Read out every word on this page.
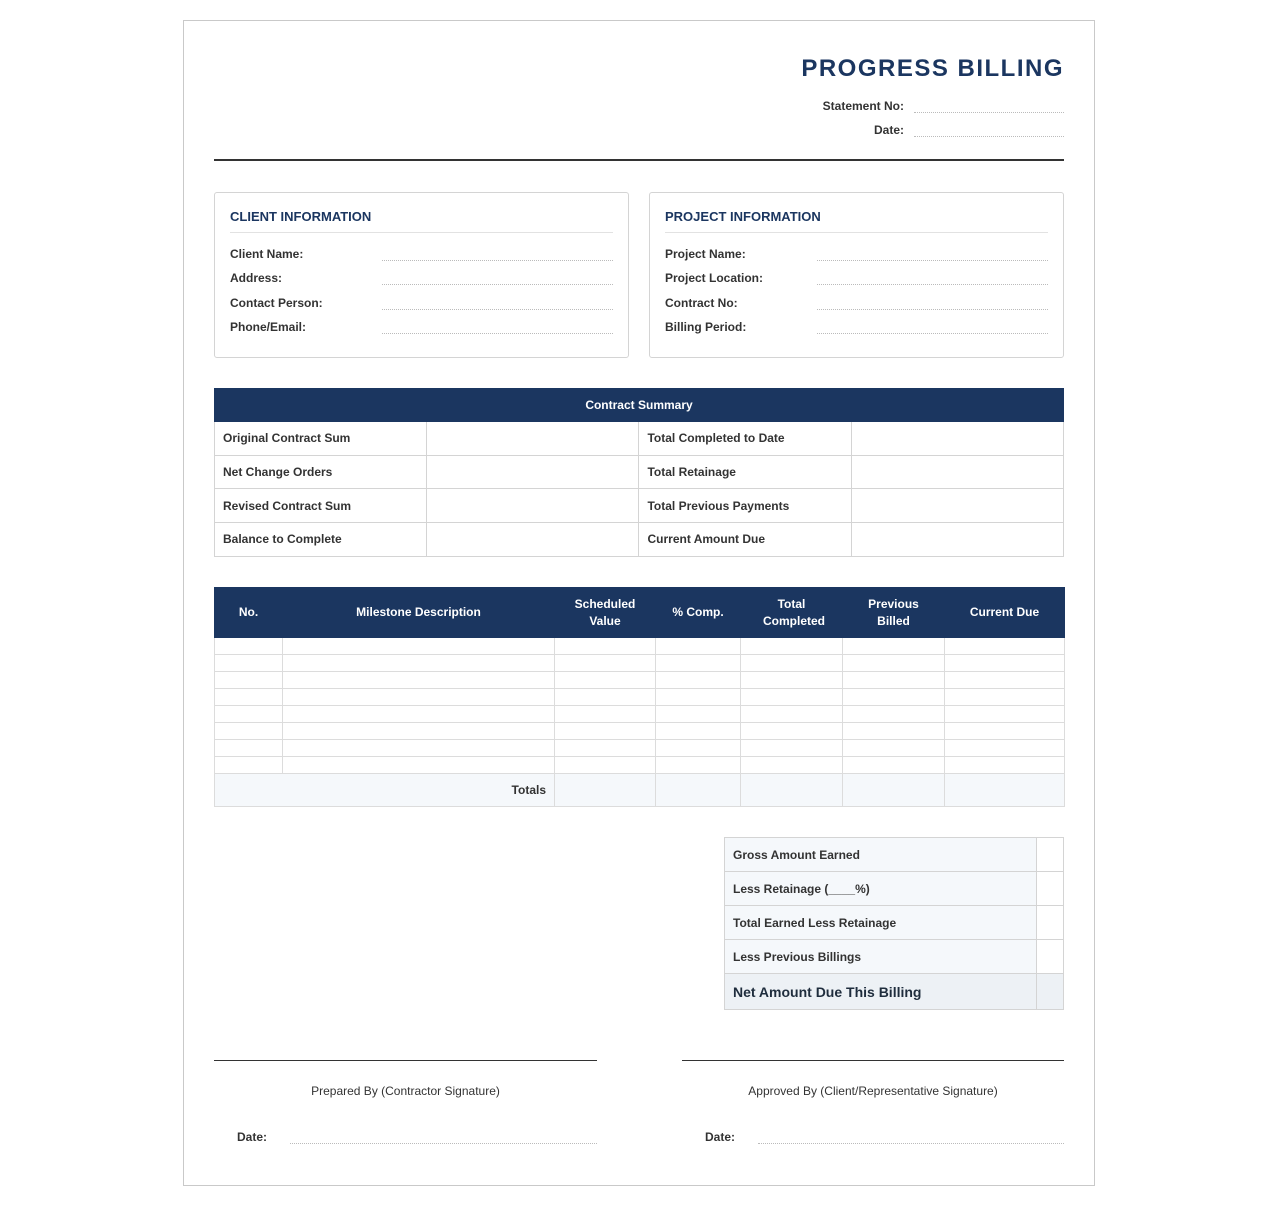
PROGRESS BILLING
Statement No:
Date:
CLIENT INFORMATION
Client Name:
Address:
Contact Person:
Phone/Email:
PROJECT INFORMATION
Project Name:
Project Location:
Contract No:
Billing Period:
Contract Summary			
Original Contract Sum		Total Completed to Date	
Net Change Orders		Total Retainage	
Revised Contract Sum		Total Previous Payments	
Balance to Complete		Current Amount Due	
No.	Milestone Description	Scheduled Value	% Comp.	Total Completed	Previous Billed	Current Due

Totals						
Gross Amount Earned	
Less Retainage (____%)	
Total Earned Less Retainage	
Less Previous Billings	
Net Amount Due This Billing	
Prepared By (Contractor Signature)
Date:
Approved By (Client/Representative Signature)
Date:
